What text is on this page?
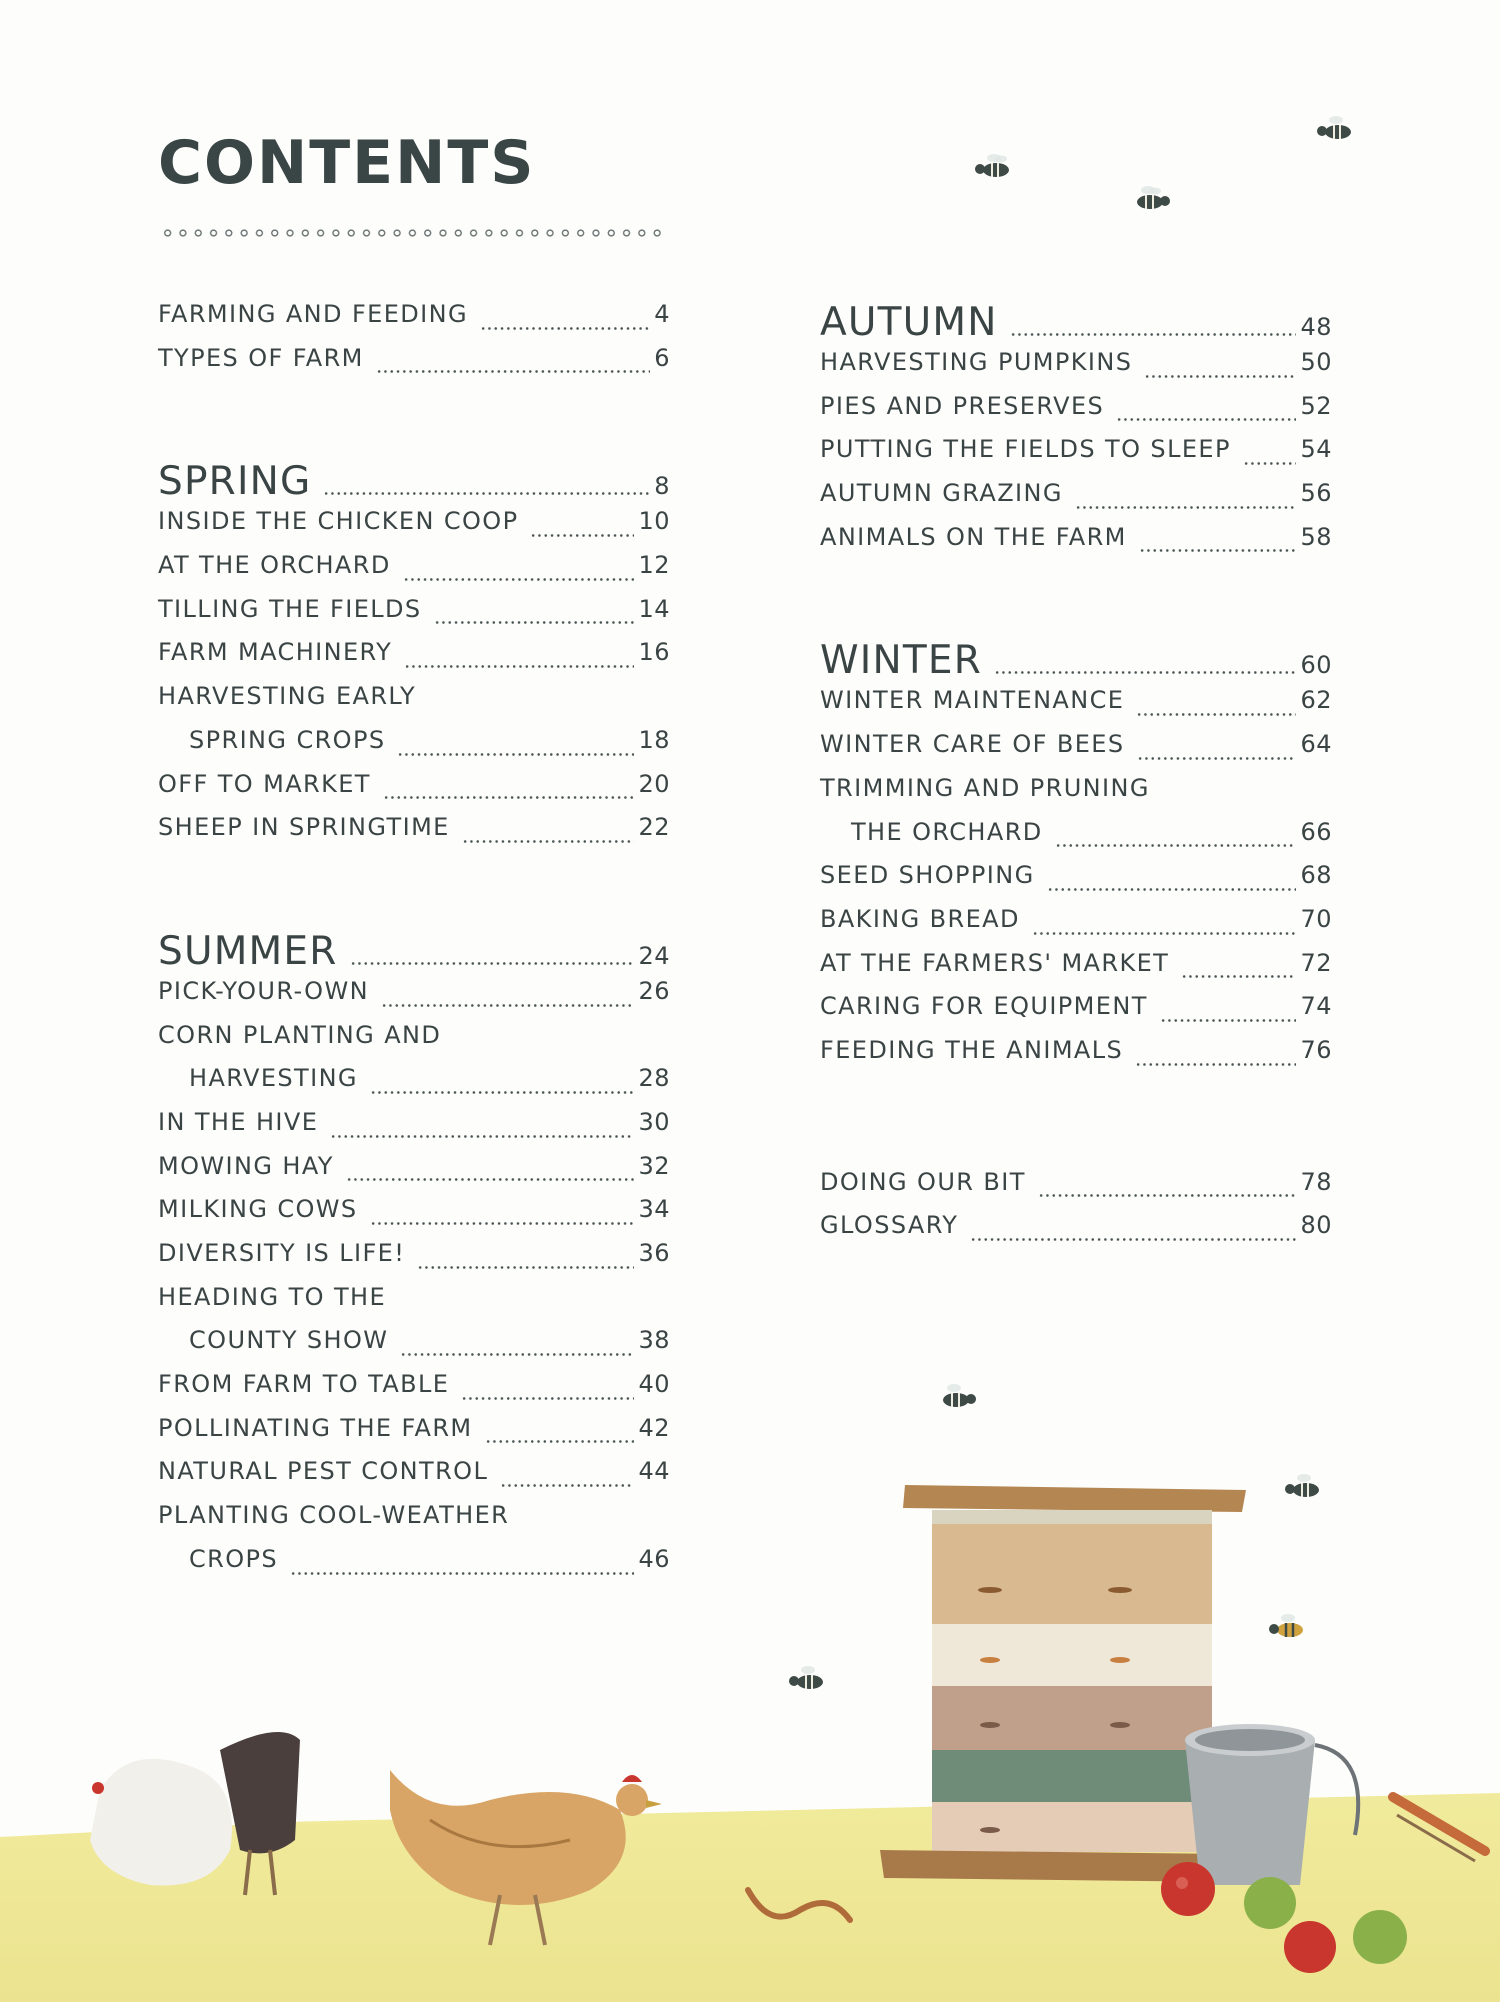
CONTENTS
FARMING AND FEEDING	4
TYPES OF FARM	6
SPRING	8
INSIDE THE CHICKEN COOP	10
AT THE ORCHARD	12
TILLING THE FIELDS	14
FARM MACHINERY	16
HARVESTING EARLY
SPRING CROPS	18
OFF TO MARKET	20
SHEEP IN SPRINGTIME	22
SUMMER	24
PICK-YOUR-OWN	26
CORN PLANTING AND
HARVESTING	28
IN THE HIVE	30
MOWING HAY	32
MILKING COWS	34
DIVERSITY IS LIFE!	36
HEADING TO THE
COUNTY SHOW	38
FROM FARM TO TABLE	40
POLLINATING THE FARM	42
NATURAL PEST CONTROL	44
PLANTING COOL-WEATHER
CROPS	46
AUTUMN	48
HARVESTING PUMPKINS	50
PIES AND PRESERVES	52
PUTTING THE FIELDS TO SLEEP	54
AUTUMN GRAZING	56
ANIMALS ON THE FARM	58
WINTER	60
WINTER MAINTENANCE	62
WINTER CARE OF BEES	64
TRIMMING AND PRUNING
THE ORCHARD	66
SEED SHOPPING	68
BAKING BREAD	70
AT THE FARMERS' MARKET	72
CARING FOR EQUIPMENT	74
FEEDING THE ANIMALS	76
DOING OUR BIT	78
GLOSSARY	80
